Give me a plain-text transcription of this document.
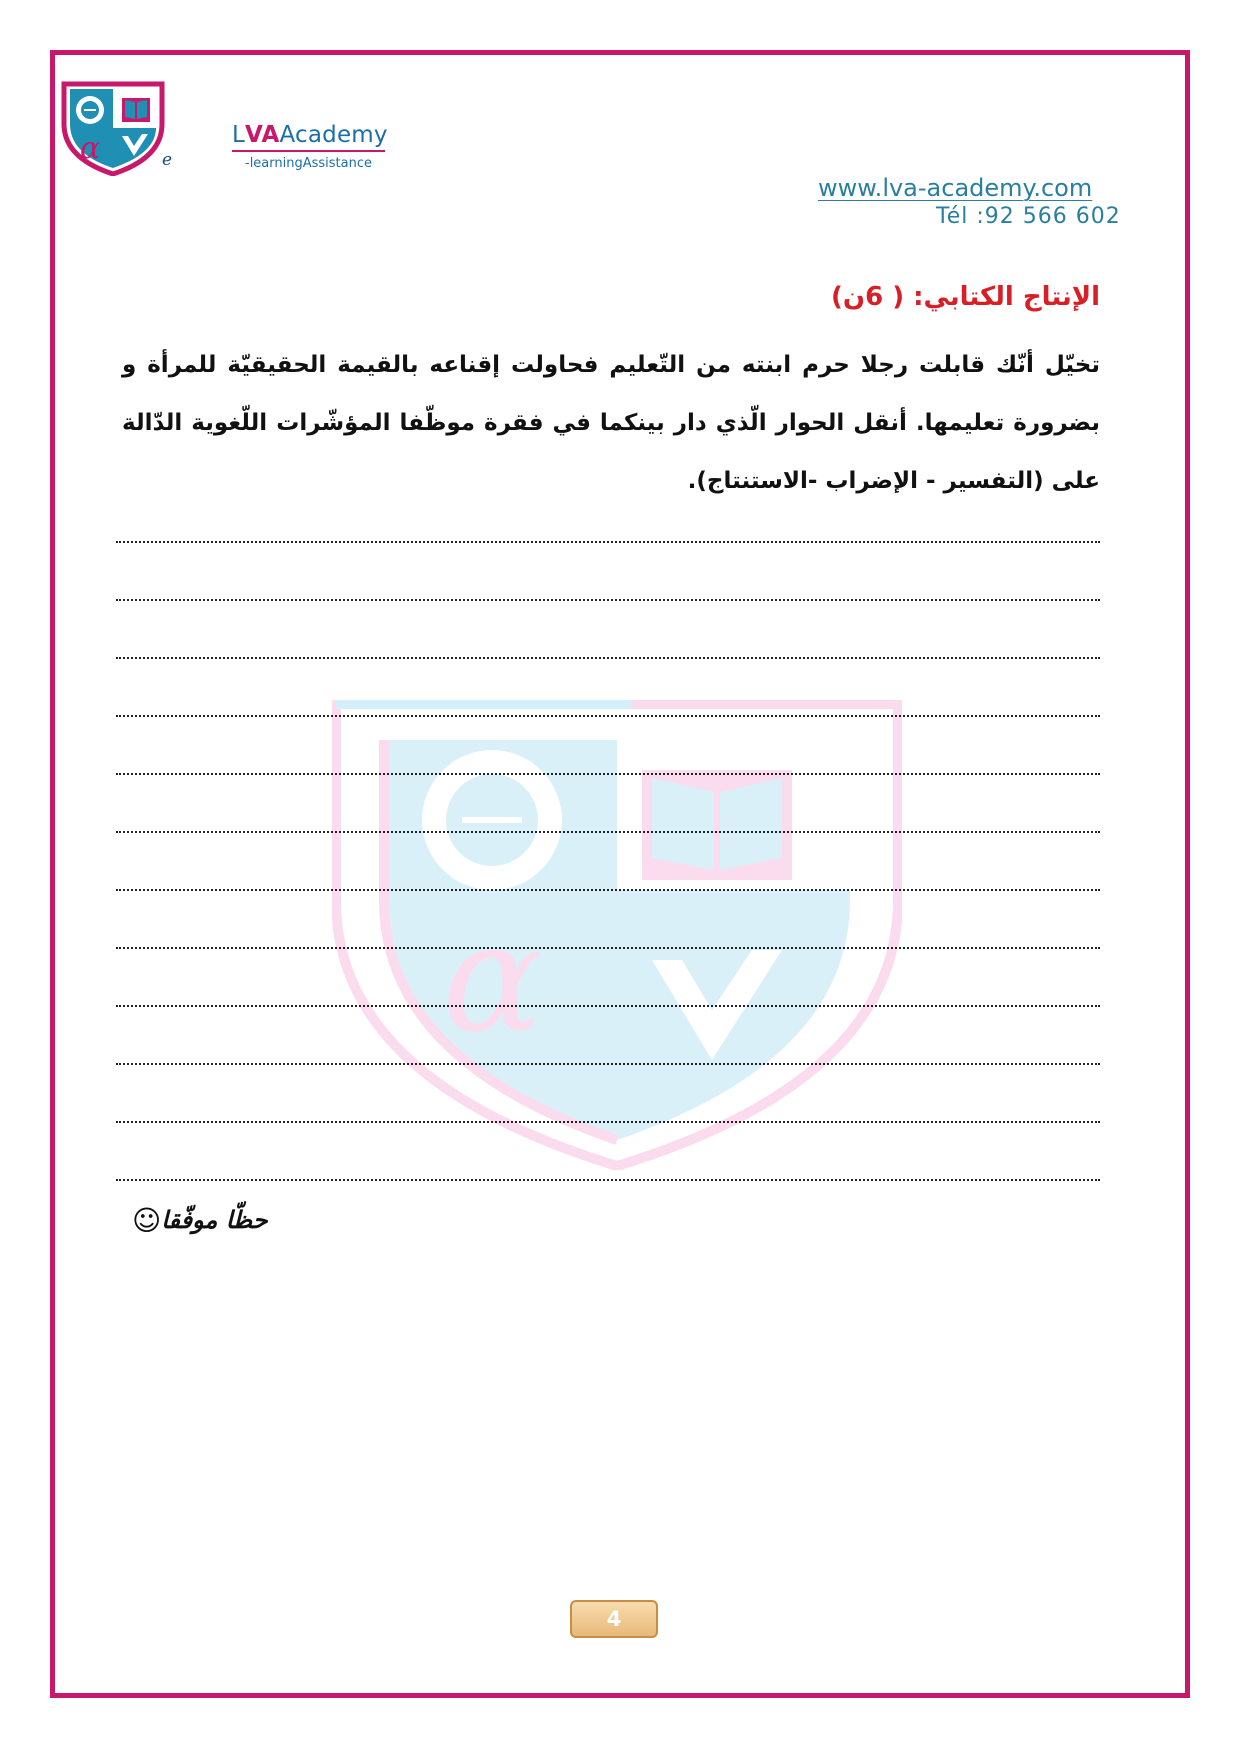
α	e
LVAAcademy
-learningAssistance
www.lva-academy.com
Tél :92 566 602
α
الإنتاج الكتابي: ( 6ن)
تخيّل أنّك قابلت رجلا حرم ابنته من التّعليم فحاولت إقناعه بالقيمة الحقيقيّة للمرأة و بضرورة تعليمها. أنقل الحوار الّذي دار بينكما في فقرة موظّفا المؤشّرات اللّغوية الدّالة على (التفسير - الإضراب -الاستنتاج).
حظّا موفّقا☺
4
